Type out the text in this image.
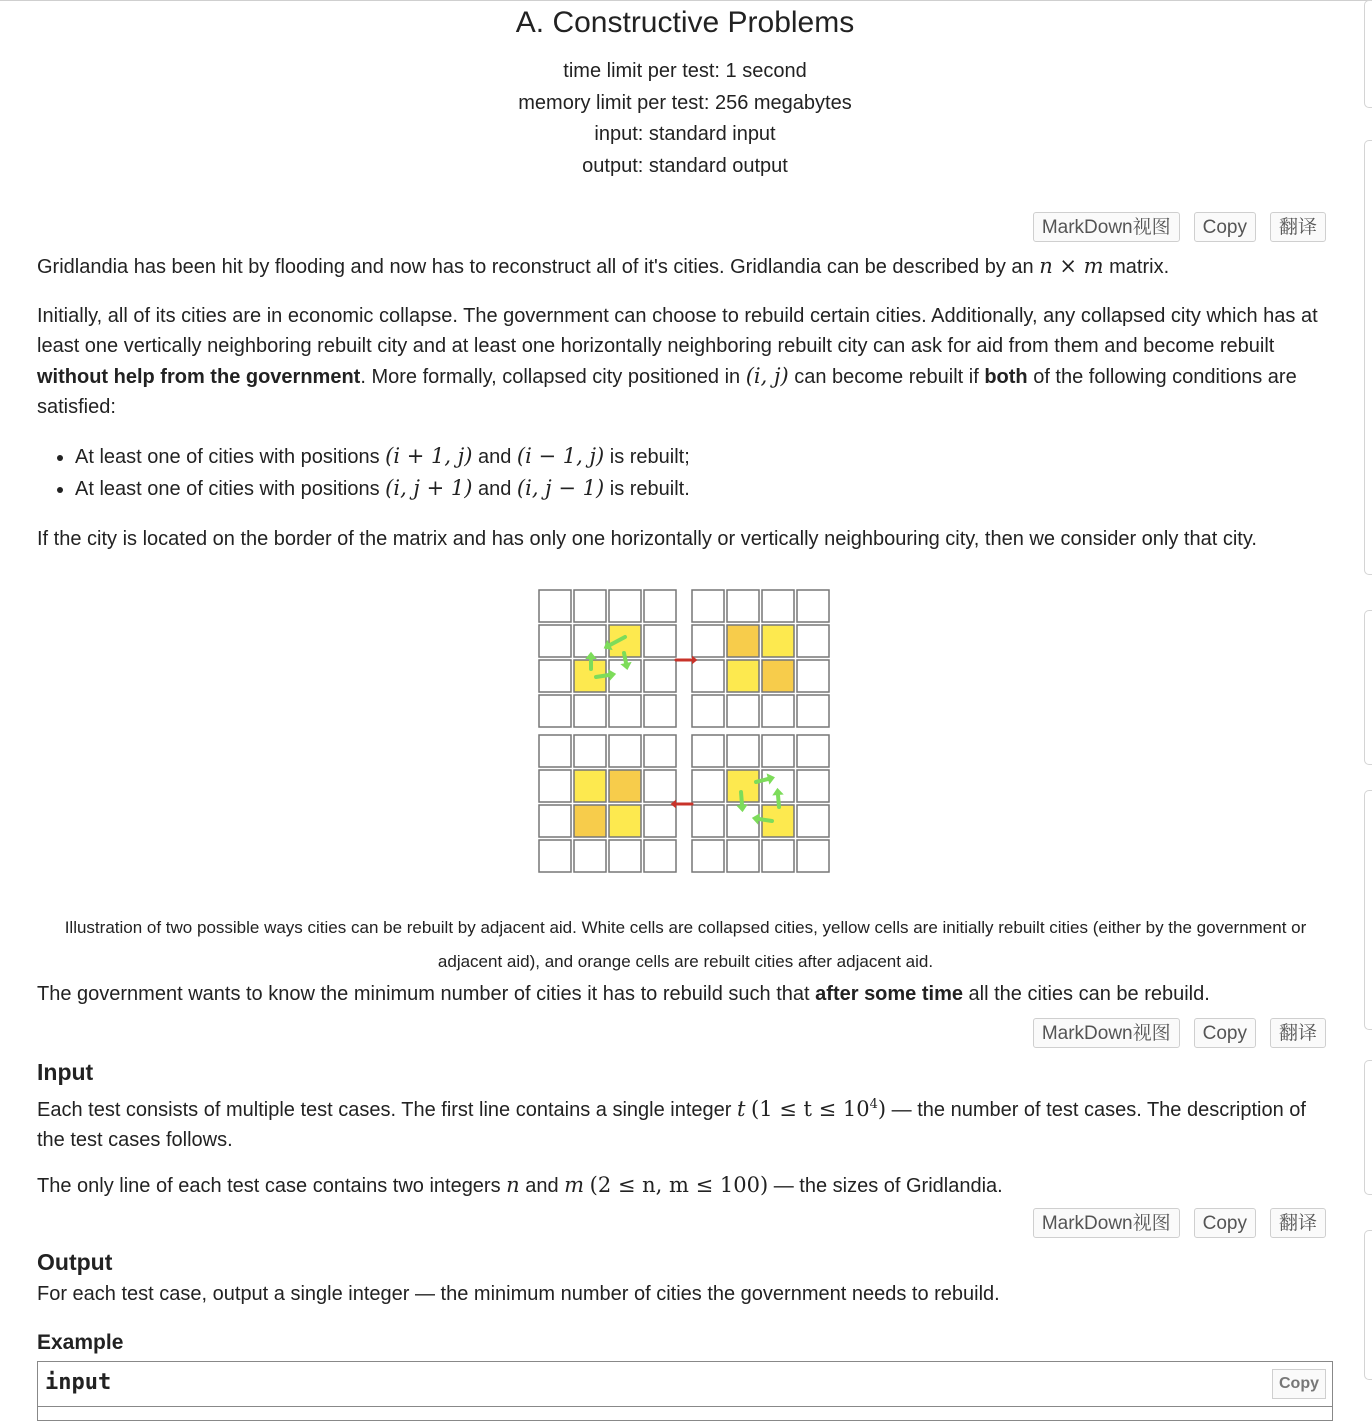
A. Constructive Problems
time limit per test: 1 second
memory limit per test: 256 megabytes
input: standard input
output: standard output
MarkDown视图	Copy	翻译
Gridlandia has been hit by flooding and now has to reconstruct all of it's cities. Gridlandia can be described by an n × m matrix.
Initially, all of its cities are in economic collapse. The government can choose to rebuild certain cities. Additionally, any collapsed city which has at least one vertically neighboring rebuilt city and at least one horizontally neighboring rebuilt city can ask for aid from them and become rebuilt without help from the government. More formally, collapsed city positioned in (i, j) can become rebuilt if both of the following conditions are satisfied:
• At least one of cities with positions (i + 1, j) and (i − 1, j) is rebuilt;
• At least one of cities with positions (i, j + 1) and (i, j − 1) is rebuilt.
If the city is located on the border of the matrix and has only one horizontally or vertically neighbouring city, then we consider only that city.
Illustration of two possible ways cities can be rebuilt by adjacent aid. White cells are collapsed cities, yellow cells are initially rebuilt cities (either by the government or adjacent aid), and orange cells are rebuilt cities after adjacent aid.
The government wants to know the minimum number of cities it has to rebuild such that after some time all the cities can be rebuild.
MarkDown视图	Copy	翻译
Input
Each test consists of multiple test cases. The first line contains a single integer t $(1 \le t \le 10^4)$ — the number of test cases. The description of the test cases follows.
The only line of each test case contains two integers n and m (2 ≤ n, m ≤ 100) — the sizes of Gridlandia.
MarkDown视图	Copy	翻译
Output
For each test case, output a single integer — the minimum number of cities the government needs to rebuild.
Example
input	Copy
